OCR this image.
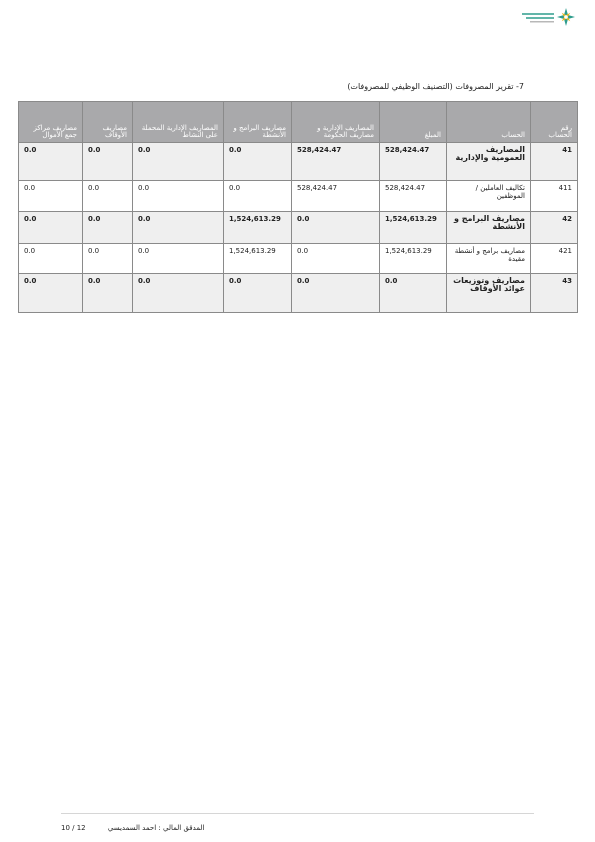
7- تقرير المصروفات (التصنيف الوظيفي للمصروفات)
رقم الحساب	الحساب	المبلغ	المصاريف الإدارية و مصاريف الحكومة	مصاريف البرامج و الأنشطة	المصاريف الإدارية المحملة على النشاط	مصاريف الأوقاف	مصاريف مراكز جمع الأموال
41	المصاريف العمومية والإدارية	528,424.47	528,424.47	0.0	0.0	0.0	0.0
411	تكاليف العاملين / الموظفين	528,424.47	528,424.47	0.0	0.0	0.0	0.0
42	مصاريف البرامج و الأنشطة	1,524,613.29	0.0	1,524,613.29	0.0	0.0	0.0
421	مصاريف برامج و أنشطة مقيدة	1,524,613.29	0.0	1,524,613.29	0.0	0.0	0.0
43	مصاريف وتوزيعات عوائد الأوقاف	0.0	0.0	0.0	0.0	0.0	0.0
المدقق المالي : احمد السمديسي          10 / 12
